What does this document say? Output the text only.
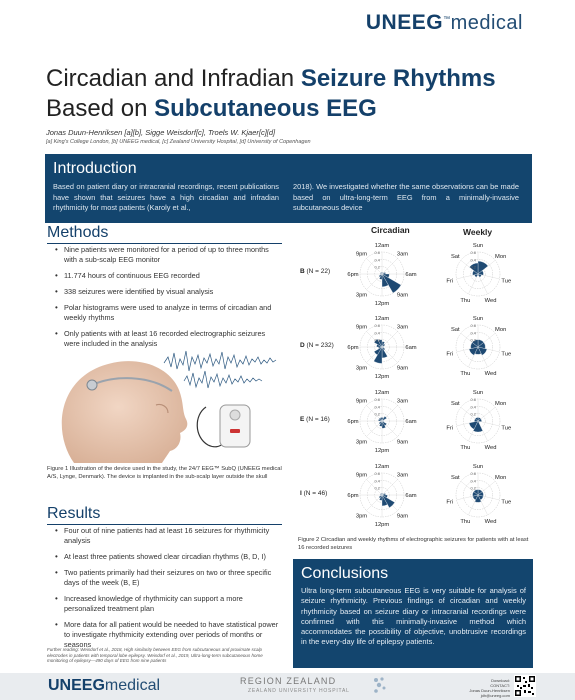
UNEEG™medical
Circadian and Infradian Seizure Rhythms
Based on Subcutaneous EEG
Jonas Duun-Henriksen [a][b], Sigge Weisdorf[c], Troels W. Kjaer[c][d]
[a] King's College London, [b] UNEEG medical, [c] Zealand University Hospital, [d] University of Copenhagen
Introduction
Based on patient diary or intracranial recordings, recent publications have shown that seizures have a high circadian and infradian rhythmicity for most patients (Karoly et al.,
2018). We investigated whether the same observations can be made based on ultra-long-term EEG from a minimally-invasive subcutaneous device
Methods
• Nine patients were monitored for a period of up to three months with a sub-scalp EEG monitor
• 11.774 hours of continuous EEG recorded
• 338 seizures were identified by visual analysis
• Polar histograms were used to analyze in terms of circadian and weekly rhythms
• Only patients with at least 16 recorded electrographic seizures were included in the analysis
Figure 1 Illustration of the device used in the study, the 24/7 EEG™ SubQ (UNEEG medical A/S, Lynge, Denmark). The device is implanted in the sub-scalp layer outside the skull
Results
• Four out of nine patients had at least 16 seizures for rhythmicity analysis
• At least three patients showed clear circadian rhythms (B, D, I)
• Two patients primarily had their seizures on two or three specific days of the week (B, E)
• Increased knowledge of rhythmicity can support a more personalized treatment plan
• More data for all patient would be needed to have statistical power to investigate rhythmicity extending over periods of months or seasons
Further reading: Weisdorf et al., 2018, High similarity between EEG from subcutaneous and proximate scalp electrodes in patients with temporal lobe epilepsy. Weisdorf et al., 2019, Ultra-long-term subcutaneous home monitoring of epilepsy—490 days of EEG from nine patients
Circadian	Weekly
B (N = 22)
0.2
0.4
0.6
12am
3am
6am
9am
12pm
3pm
6pm
9pm
0.2
0.4
0.6
Sun
Mon
Tue
Wed
Thu
Fri
Sat
D (N = 232)
0.2
0.4
0.6
12am
3am
6am
9am
12pm
3pm
6pm
9pm
0.2
0.4
0.6
Sun
Mon
Tue
Wed
Thu
Fri
Sat
E (N = 16)
0.2
0.4
0.6
12am
3am
6am
9am
12pm
3pm
6pm
9pm
0.2
0.4
0.6
Sun
Mon
Tue
Wed
Thu
Fri
Sat
I (N = 46)
0.2
0.4
0.6
12am
3am
6am
9am
12pm
3pm
6pm
9pm
0.2
0.4
0.6
Sun
Mon
Tue
Wed
Thu
Fri
Sat
Figure 2 Circadian and weekly rhythms of electrographic seizures for patients with at least 16 recorded seizures
Conclusions
Ultra long-term subcutaneous EEG is very suitable for analysis of seizure rhythmicity. Previous findings of circadian and weekly rhythmicity based on seizure diary or intracranial recordings were confirmed with this minimally-invasive method which accommodates the possibility of objective, unobtrusive recordings in the every-day life of epilepsy patients.
UNEEGmedical	REGION ZEALAND
ZEALAND UNIVERSITY HOSPITAL
Download:
CONTACT:
Jonas Duun-Henriksen
jdh@uneeg.com
